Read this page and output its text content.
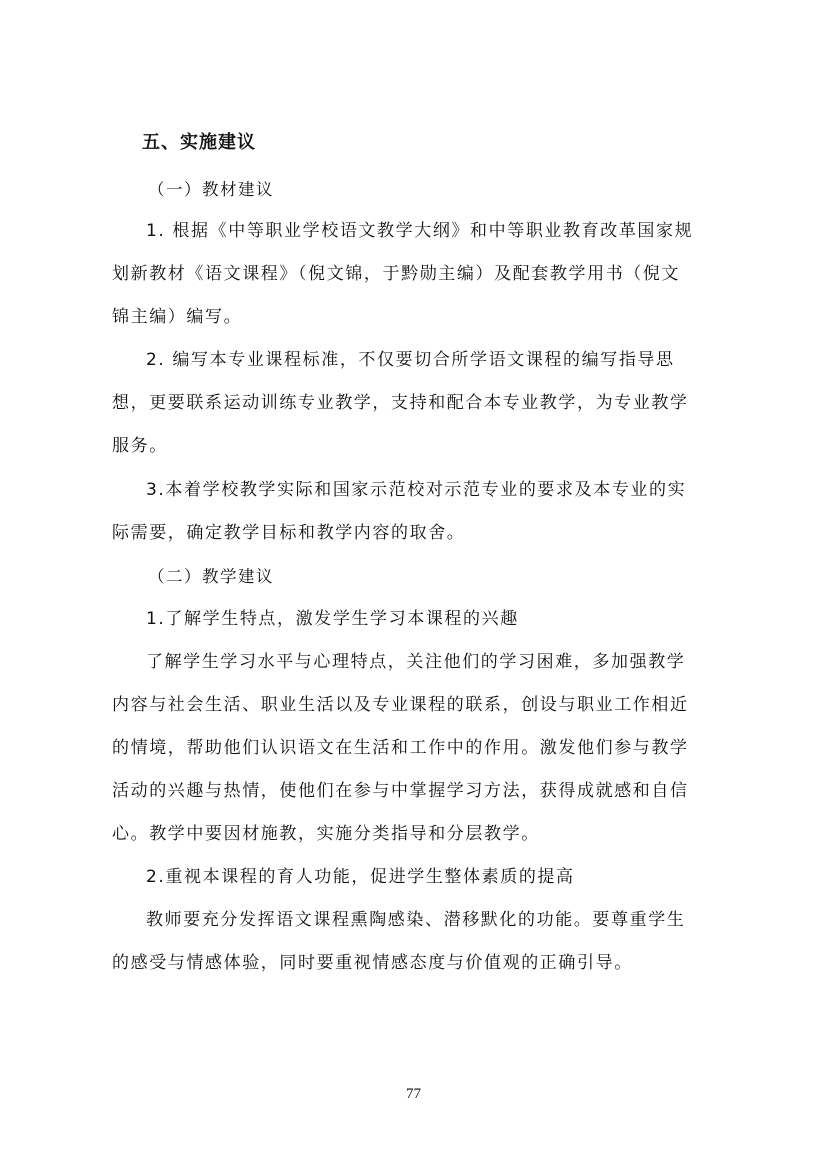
五、实施建议
（一）教材建议
1. 根据《中等职业学校语文教学大纲》和中等职业教育改革国家规
划新教材《语文课程》（倪文锦，于黔勋主编）及配套教学用书（倪文
锦主编）编写。
2. 编写本专业课程标准，不仅要切合所学语文课程的编写指导思
想，更要联系运动训练专业教学，支持和配合本专业教学，为专业教学
服务。
3.本着学校教学实际和国家示范校对示范专业的要求及本专业的实
际需要，确定教学目标和教学内容的取舍。
（二）教学建议
1.了解学生特点，激发学生学习本课程的兴趣
了解学生学习水平与心理特点，关注他们的学习困难，多加强教学
内容与社会生活、职业生活以及专业课程的联系，创设与职业工作相近
的情境，帮助他们认识语文在生活和工作中的作用。激发他们参与教学
活动的兴趣与热情，使他们在参与中掌握学习方法，获得成就感和自信
心。教学中要因材施教，实施分类指导和分层教学。
2.重视本课程的育人功能，促进学生整体素质的提高
教师要充分发挥语文课程熏陶感染、潜移默化的功能。要尊重学生
的感受与情感体验，同时要重视情感态度与价值观的正确引导。
77
